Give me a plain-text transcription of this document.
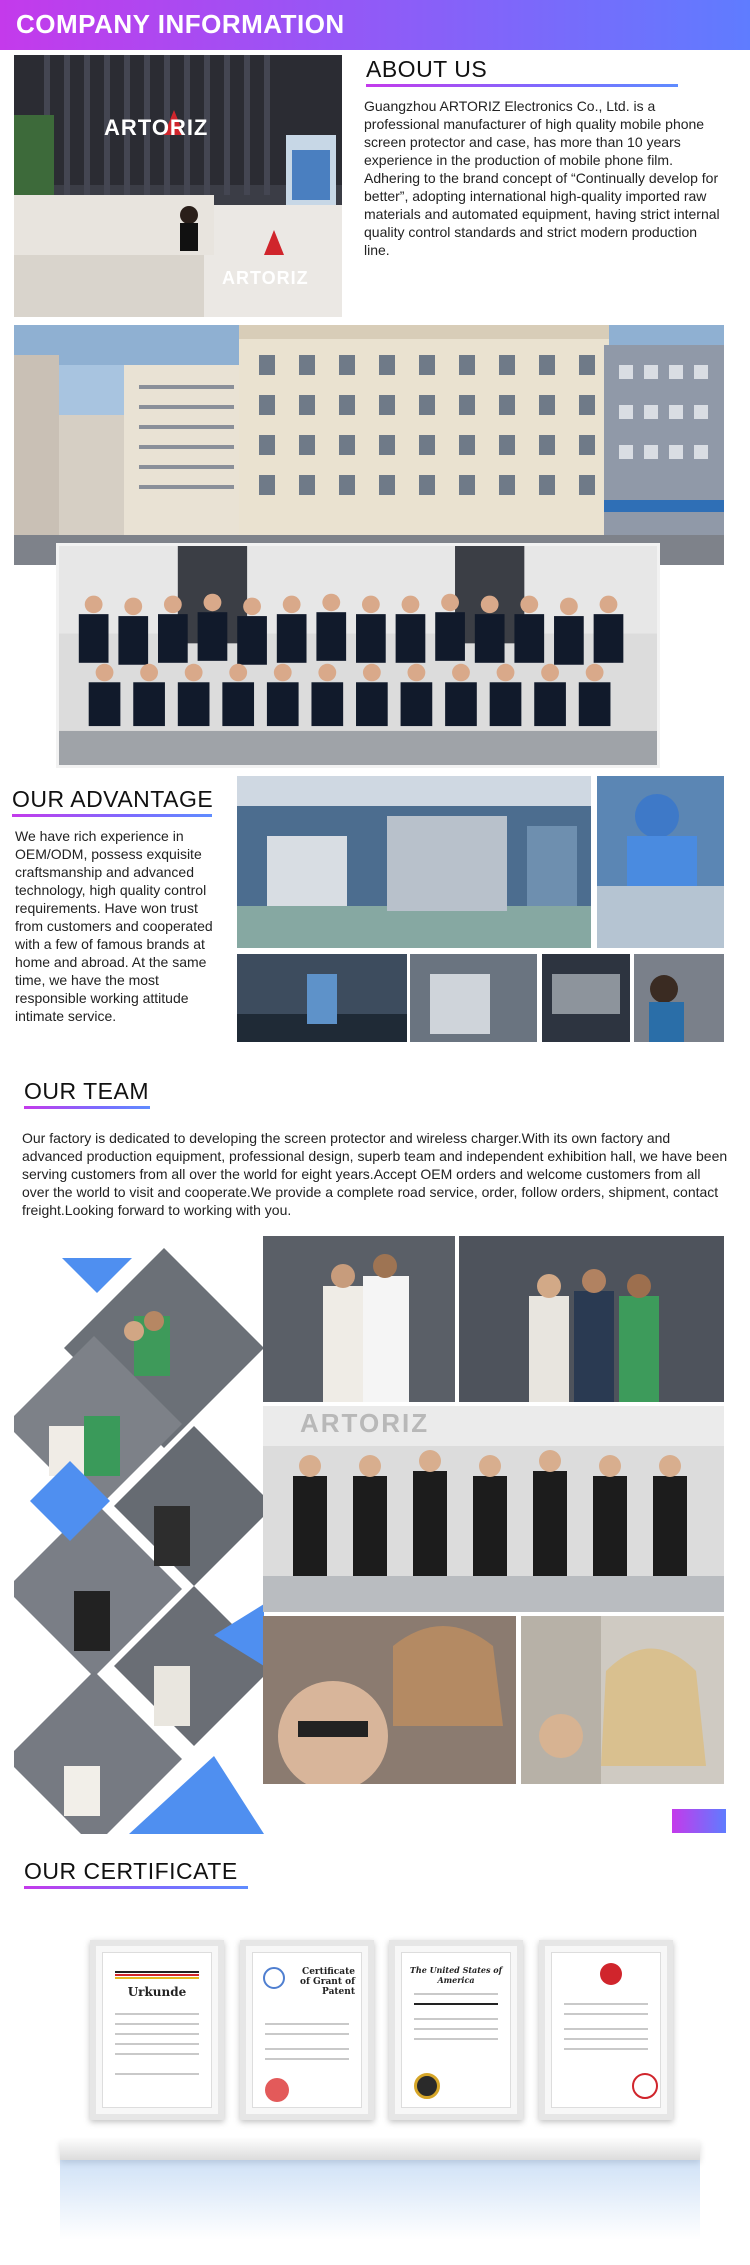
COMPANY INFORMATION
ARTORIZ
ARTORIZ
ABOUT US
Guangzhou ARTORIZ Electronics Co., Ltd. is a professional manufacturer of high quality mobile phone screen protector and case, has more than 10 years experience in the production of mobile phone film. Adhering to the brand concept of “Continually develop for better”, adopting international high-quality imported raw materials and automated equipment, having strict internal quality control standards and strict modern production line.
OUR ADVANTAGE
We have rich experience in OEM/ODM, possess exquisite craftsmanship and advanced technology, high quality control requirements. Have won trust from customers and cooperated with a few of famous brands at home and abroad. At the same time, we have the most responsible working attitude intimate service.
OUR TEAM
Our factory is dedicated to developing the screen protector and wireless charger.With its own factory and advanced production equipment, professional design, superb team and independent exhibition hall, we have been serving customers from all over the world for eight years.Accept OEM orders and welcome customers from all over the world to visit and cooperate.We provide a complete road service, order, follow orders, shipment, contact freight.Looking forward to working with you.
ARTORIZ
OUR CERTIFICATE
Urkunde
Certificate of Grant of Patent
The United States of America
